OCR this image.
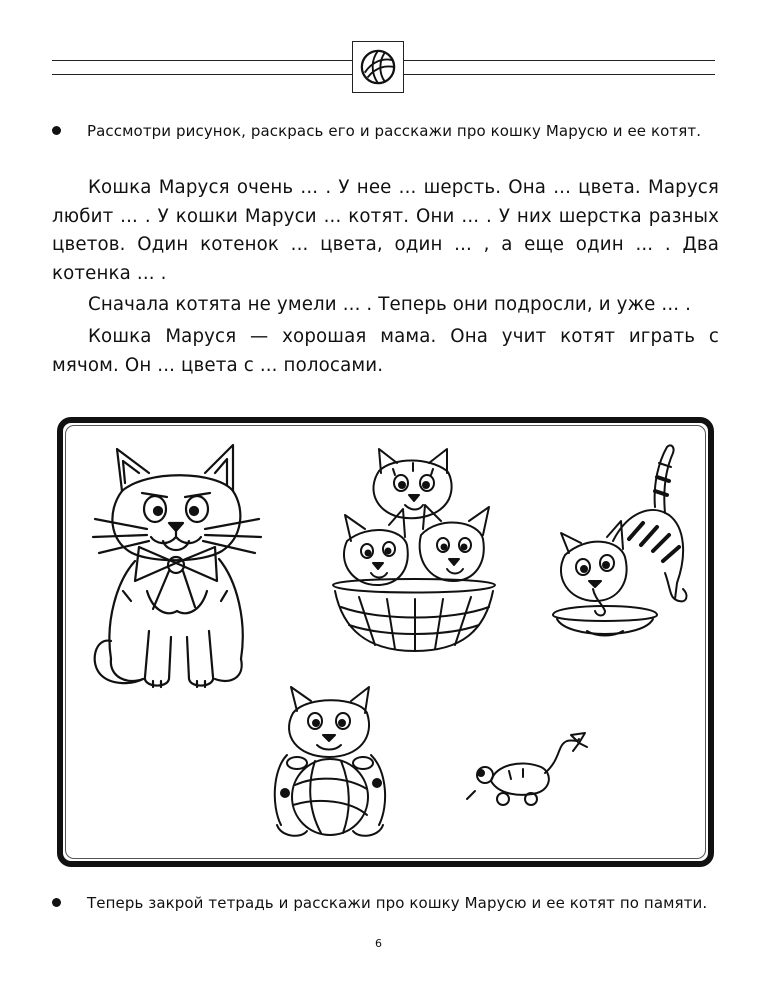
Рассмотри рисунок, раскрась его и расскажи про кошку Марусю и ее котят.

Кошка Маруся очень ... . У нее ... шерсть. Она ... цвета. Маруся любит ... . У кошки Маруси ... котят. Они ... . У них шерстка разных цветов. Один котенок ... цвета, один ... , а еще один ... . Два котенка ... .

Сначала котята не умели ... . Теперь они подросли, и уже ... .

Кошка Маруся — хорошая мама. Она учит котят играть с мячом. Он ... цвета с ... полосами.

Теперь закрой тетрадь и расскажи про кошку Марусю и ее котят по памяти.
6
